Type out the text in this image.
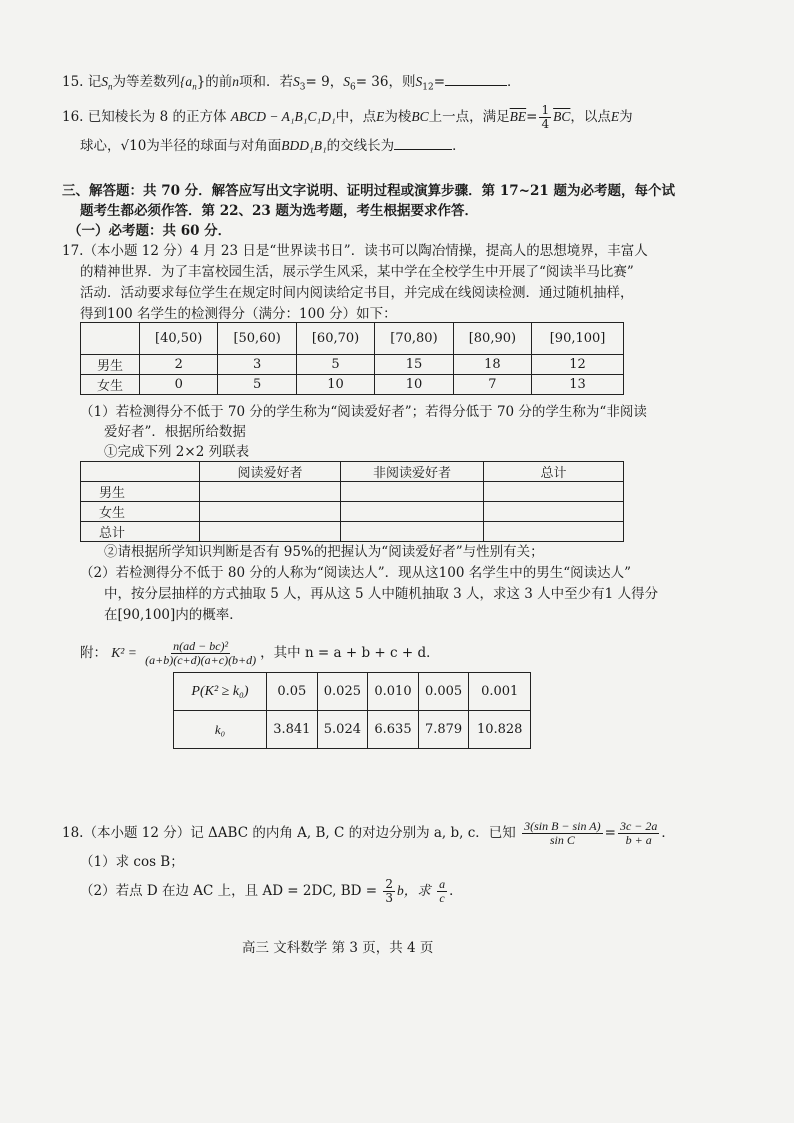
15. 记$S_n$为等差数列$\{a_n\}$的前n项和．若$S_3= 9$，$S_6= 36$，则$S_{12}=$	．
16. 已知棱长为 8 的正方体 ABCD − A₁B₁C₁D₁中，点E为棱BC上一点，满足$\overline{BE}= \frac{1}{4} \overline{BC}$，以点E为
球心，√10为半径的球面与对角面BDD₁B₁的交线长为	．
三、解答题：共 70 分．解答应写出文字说明、证明过程或演算步骤．第 17~21 题为必考题，每个试
题考生都必须作答．第 22、23 题为选考题，考生根据要求作答．
（一）必考题：共 60 分．
17.（本小题 12 分）4 月 23 日是“世界读书日”．读书可以陶冶情操，提高人的思想境界，丰富人
的精神世界．为了丰富校园生活，展示学生风采，某中学在全校学生中开展了“阅读半马比赛”
活动．活动要求每位学生在规定时间内阅读给定书目，并完成在线阅读检测．通过随机抽样，
得到100 名学生的检测得分（满分：100 分）如下：
	[40,50)	[50,60)	[60,70)	[70,80)	[80,90)	[90,100]
男生	2	3	5	15	18	12
女生	0	5	10	10	7	13
（1）若检测得分不低于 70 分的学生称为“阅读爱好者”；若得分低于 70 分的学生称为“非阅读
爱好者”．根据所给数据
①完成下列 2×2 列联表
	阅读爱好者	非阅读爱好者	总计
男生			
女生			
总计			
②请根据所学知识判断是否有 95%的把握认为“阅读爱好者”与性别有关；
（2）若检测得分不低于 80 分的人称为“阅读达人”．现从这100 名学生中的男生“阅读达人”
中，按分层抽样的方式抽取 5 人，再从这 5 人中随机抽取 3 人，求这 3 人中至少有1 人得分
在[90,100]内的概率．
附： $K^2 = \frac{\text{n(ad − bc)²}}{(a+b)(c+d)(a+c)(b+d)}$ ，其中 n = a + b + c + d．
P(K² ≥ k₀)	0.05	0.025	0.010	0.005	0.001
k₀	3.841	5.024	6.635	7.879	10.828
18.（本小题 12 分）记 ΔABC 的内角 A, B, C 的对边分别为 a, b, c．已知 $\frac{\text{3(sin B − sin A)}}{\text{sin C}} = \frac{3c - 2a}{b + a}$ ．
（1）求 cos B；
（2）若点 D 在边 AC 上，且 AD = 2DC, BD = $\frac{2}{3}$ b，求 $\frac{a}{c}$ ．
高三 文科数学 第 3 页，共 4 页
